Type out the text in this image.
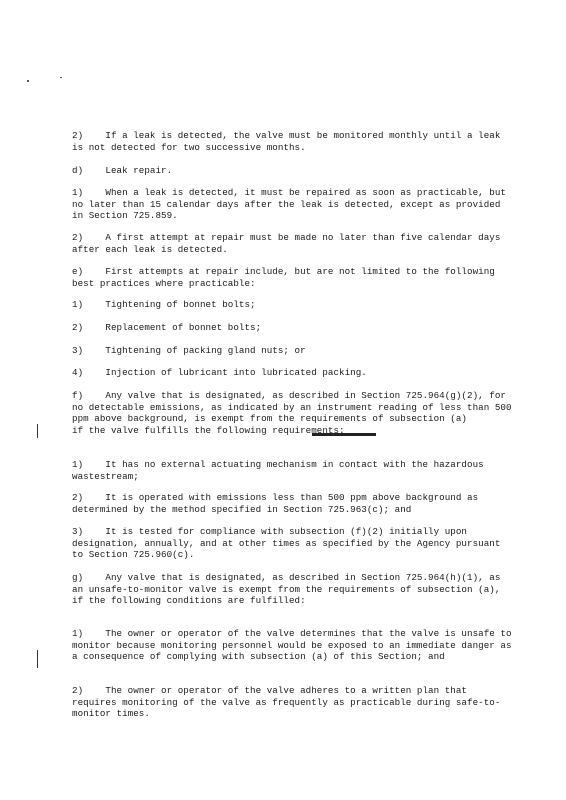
2)    If a leak is detected, the valve must be monitored monthly until a leak is not detected for two successive months.
d)    Leak repair.
1)    When a leak is detected, it must be repaired as soon as practicable, but no later than 15 calendar days after the leak is detected, except as provided in Section 725.859.
2)    A first attempt at repair must be made no later than five calendar days after each leak is detected.
e)    First attempts at repair include, but are not limited to the following best practices where practicable:
1)    Tightening of bonnet bolts;
2)    Replacement of bonnet bolts;
3)    Tightening of packing gland nuts; or
4)    Injection of lubricant into lubricated packing.
f)    Any valve that is designated, as described in Section 725.964(g)(2), for no detectable emissions, as indicated by an instrument reading of less than 500 ppm above background, is exempt from the requirements of subsection (a)                if the valve fulfills the following requirements:
1)    It has no external actuating mechanism in contact with the hazardous wastestream;
2)    It is operated with emissions less than 500 ppm above background as determined by the method specified in Section 725.963(c); and
3)    It is tested for compliance with subsection (f)(2) initially upon designation, annually, and at other times as specified by the Agency pursuant to Section 725.960(c).
g)    Any valve that is designated, as described in Section 725.964(h)(1), as an unsafe-to-monitor valve is exempt from the requirements of subsection (a), if the following conditions are fulfilled:
1)    The owner or operator of the valve determines that the valve is unsafe to monitor because monitoring personnel would be exposed to an immediate danger as a consequence of complying with subsection (a) of this Section; and
2)    The owner or operator of the valve adheres to a written plan that requires monitoring of the valve as frequently as practicable during safe-to-monitor times.
